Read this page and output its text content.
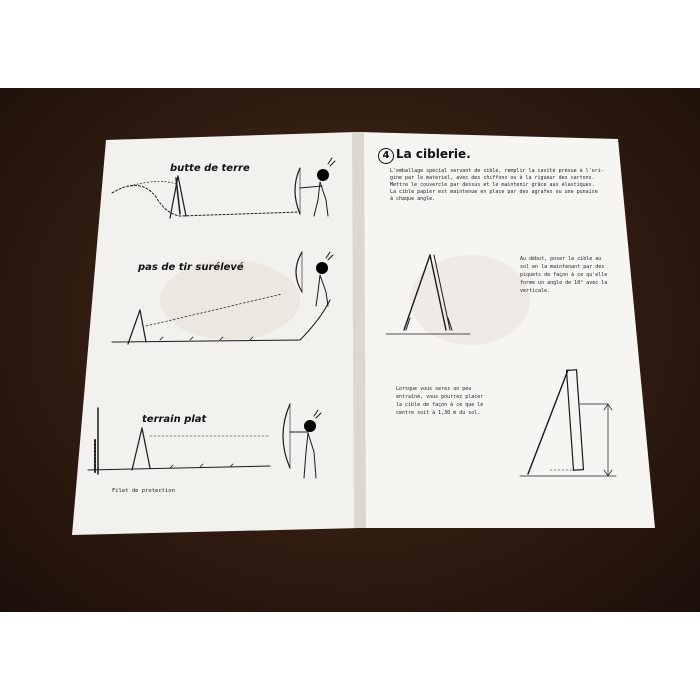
butte de terre
pas de tir surélevé
terrain plat
Filet de protection
4 La ciblerie.
L'emballage spécial servant de cible, remplir la cavité prévue à l'ori-
gine par le matériel, avec des chiffons ou à la rigueur des cartons.
Mettre le couvercle par dessus et le maintenir grâce aux élastiques.
La cible papier est maintenue en place par des agrafes ou une punaise
à chaque angle.
Au début, poser la cible au
sol en la maintenant par des
piquets de façon à ce qu'elle
forme un angle de 10° avec la
verticale.
Lorsque vous serez un peu
entraîné, vous pourrez placer
la cible de façon à ce que le
centre soit à 1,30 m du sol.
